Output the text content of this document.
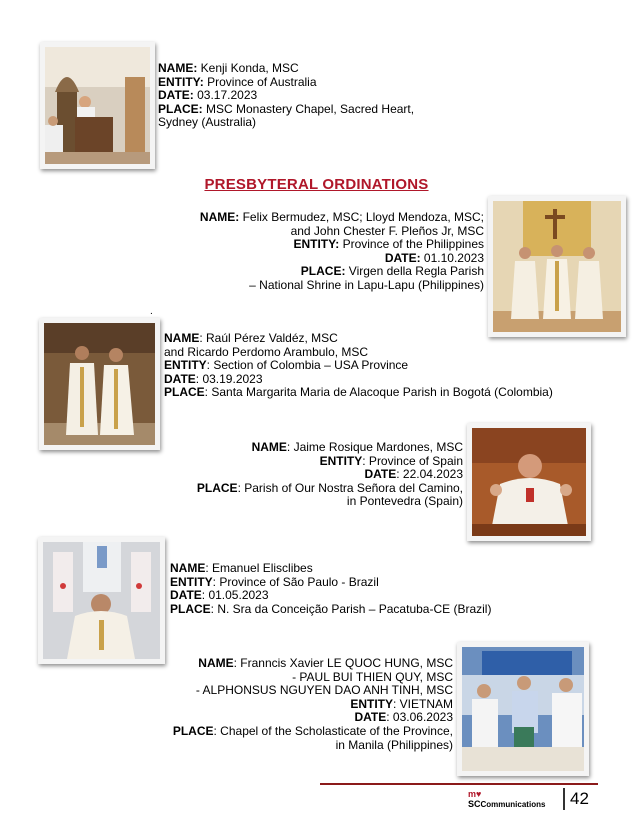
NAME: Kenji Konda, MSC
ENTITY: Province of Australia
DATE: 03.17.2023
PLACE: MSC Monastery Chapel, Sacred Heart,
Sydney (Australia)
PRESBYTERAL ORDINATIONS
NAME: Felix Bermudez, MSC; Lloyd Mendoza, MSC;
and John Chester F. Pleños Jr, MSC
ENTITY: Province of the Philippines
DATE: 01.10.2023
PLACE: Virgen della Regla Parish
– National Shrine in Lapu-Lapu (Philippines)
.
NAME: Raúl Pérez Valdéz, MSC
and Ricardo Perdomo Arambulo, MSC
ENTITY: Section of Colombia – USA Province
DATE: 03.19.2023
PLACE: Santa Margarita Maria de Alacoque Parish in Bogotá (Colombia)
NAME: Jaime Rosique Mardones, MSC
ENTITY: Province of Spain
DATE: 22.04.2023
PLACE: Parish of Our Nostra Señora del Camino,
in Pontevedra (Spain)
NAME: Emanuel Elisclibes
ENTITY: Province of São Paulo - Brazil
DATE: 01.05.2023
PLACE: N. Sra da Conceição Parish – Pacatuba-CE (Brazil)
NAME: Franncis Xavier LE QUOC HUNG, MSC
- PAUL BUI THIEN QUY, MSC
- ALPHONSUS NGUYEN DAO ANH TINH, MSC
ENTITY: VIETNAM
DATE: 03.06.2023
PLACE: Chapel of the Scholasticate of the Province,
in Manila (Philippines)
m♥
SCCommunications 42
